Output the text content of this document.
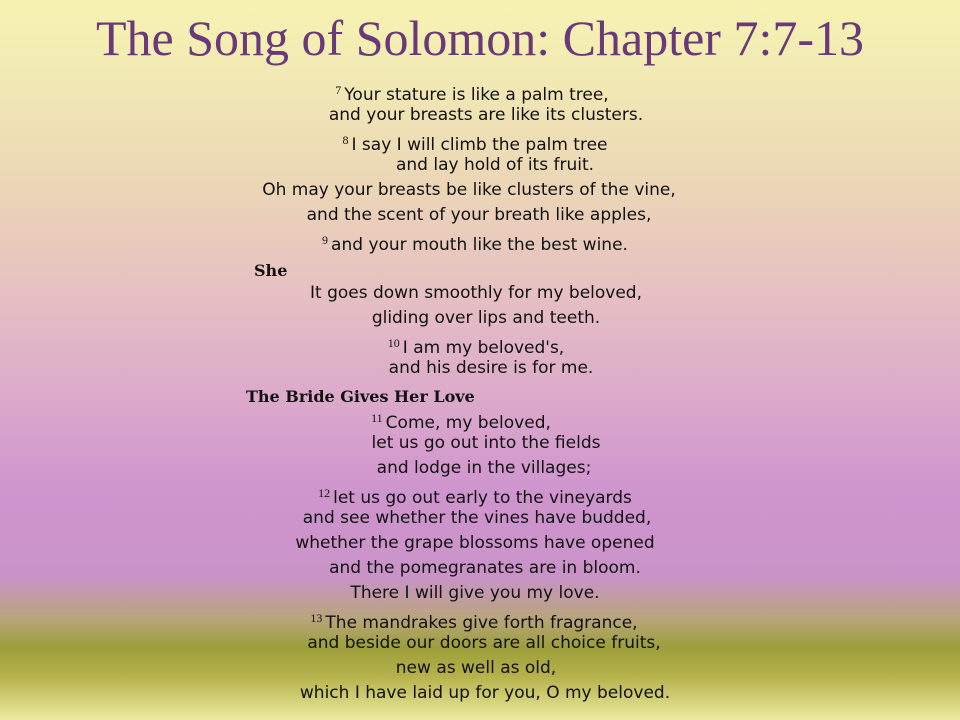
The Song of Solomon: Chapter 7:7-13
$^7$ Your stature is like a palm tree,
and your breasts are like its clusters.
$^8$ I say I will climb the palm tree
and lay hold of its fruit.
Oh may your breasts be like clusters of the vine,
and the scent of your breath like apples,
$^9$ and your mouth like the best wine.
She
It goes down smoothly for my beloved,
gliding over lips and teeth.
$^{10}$ I am my beloved's,
and his desire is for me.
The Bride Gives Her Love
$^{11}$ Come, my beloved,
let us go out into the fields
and lodge in the villages;
$^{12}$ let us go out early to the vineyards
and see whether the vines have budded,
whether the grape blossoms have opened
and the pomegranates are in bloom.
There I will give you my love.
$^{13}$ The mandrakes give forth fragrance,
and beside our doors are all choice fruits,
new as well as old,
which I have laid up for you, O my beloved.
